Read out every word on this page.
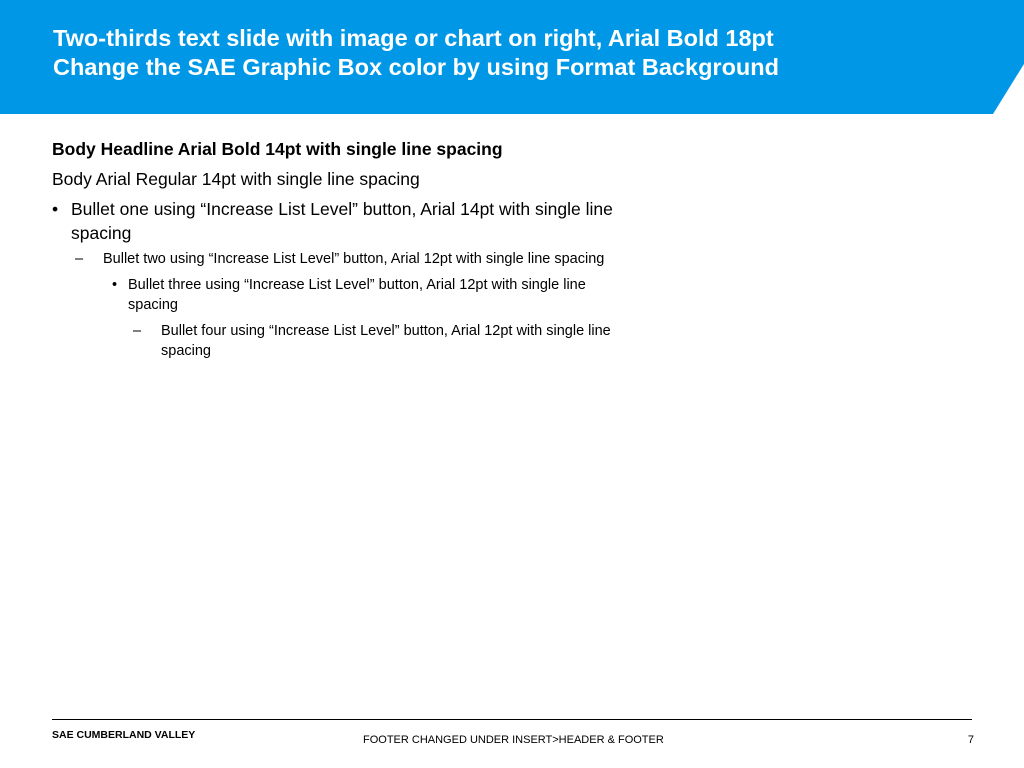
Two-thirds text slide with image or chart on right, Arial Bold 18pt
Change the SAE Graphic Box color by using Format Background

Body Headline Arial Bold 14pt with single line spacing

Body Arial Regular 14pt with single line spacing

• Bullet one using “Increase List Level” button, Arial 14pt with single line spacing

– Bullet two using “Increase List Level” button, Arial 12pt with single line spacing

• Bullet three using “Increase List Level” button, Arial 12pt with single line spacing

– Bullet four using “Increase List Level” button, Arial 12pt with single line spacing

SAE CUMBERLAND VALLEY	FOOTER CHANGED UNDER INSERT>HEADER & FOOTER	7
